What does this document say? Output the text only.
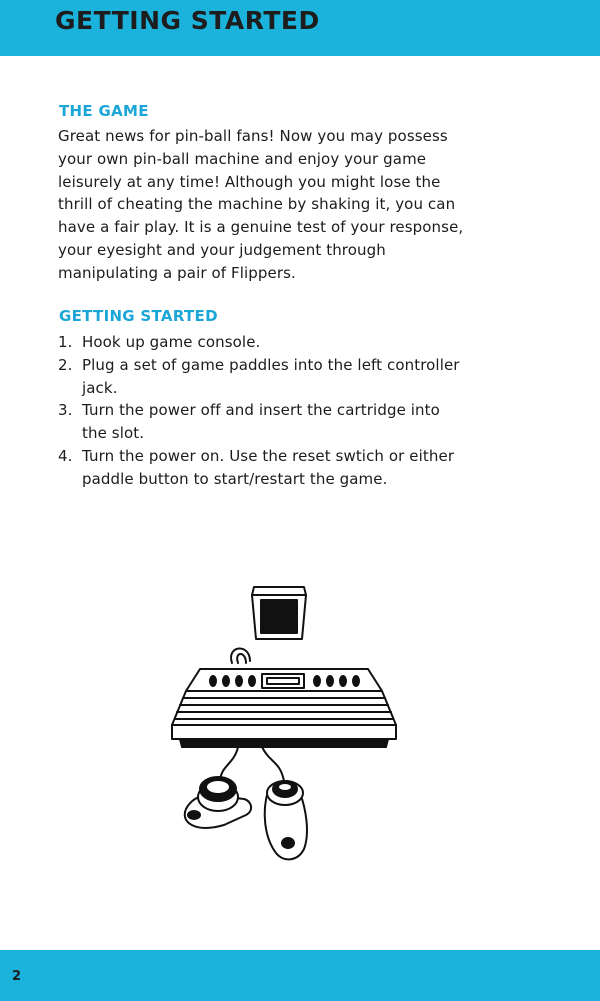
GETTING STARTED
THE GAME

Great news for pin-ball fans! Now you may possess
your own pin-ball machine and enjoy your game
leisurely at any time! Although you might lose the
thrill of cheating the machine by shaking it, you can
have a fair play. It is a genuine test of your response,
your eyesight and your judgement through
manipulating a pair of Flippers.

GETTING STARTED
1. Hook up game console.
2. Plug a set of game paddles into the left controller
jack.
3. Turn the power off and insert the cartridge into
the slot.
4. Turn the power on. Use the reset swtich or either
paddle button to start/restart the game.
2
